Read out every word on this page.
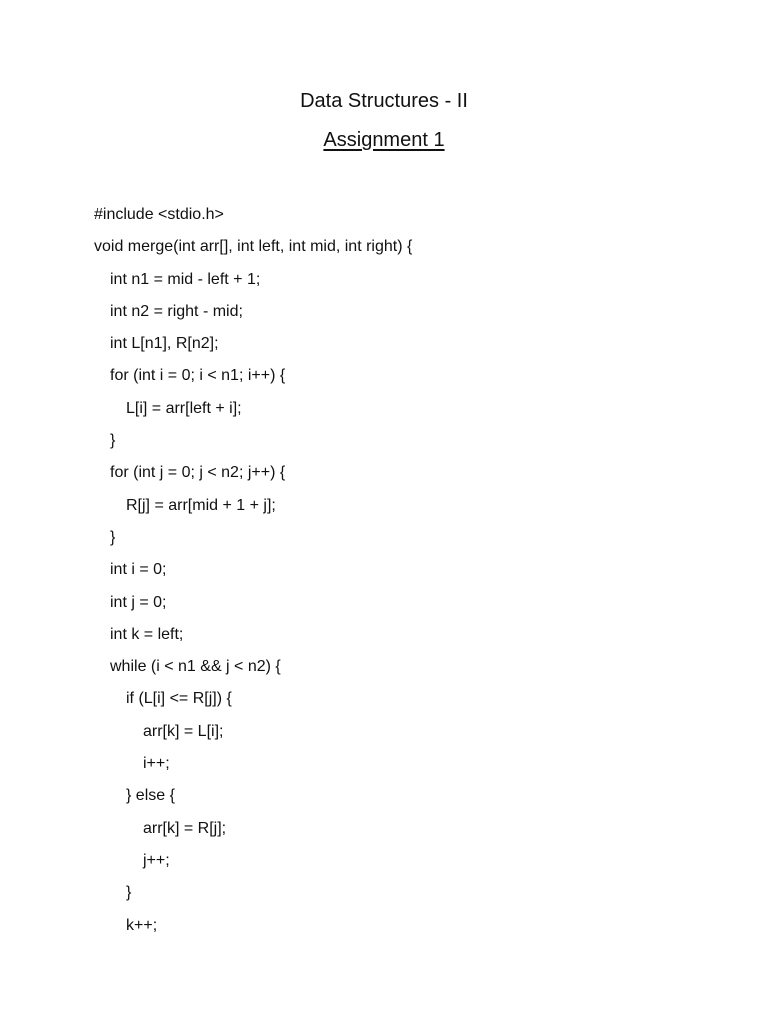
Data Structures - II
Assignment 1
#include <stdio.h>
void merge(int arr[], int left, int mid, int right) {
int n1 = mid - left + 1;
int n2 = right - mid;
int L[n1], R[n2];
for (int i = 0; i < n1; i++) {
L[i] = arr[left + i];
}
for (int j = 0; j < n2; j++) {
R[j] = arr[mid + 1 + j];
}
int i = 0;
int j = 0;
int k = left;
while (i < n1 && j < n2) {
if (L[i] <= R[j]) {
arr[k] = L[i];
i++;
} else {
arr[k] = R[j];
j++;
}
k++;
